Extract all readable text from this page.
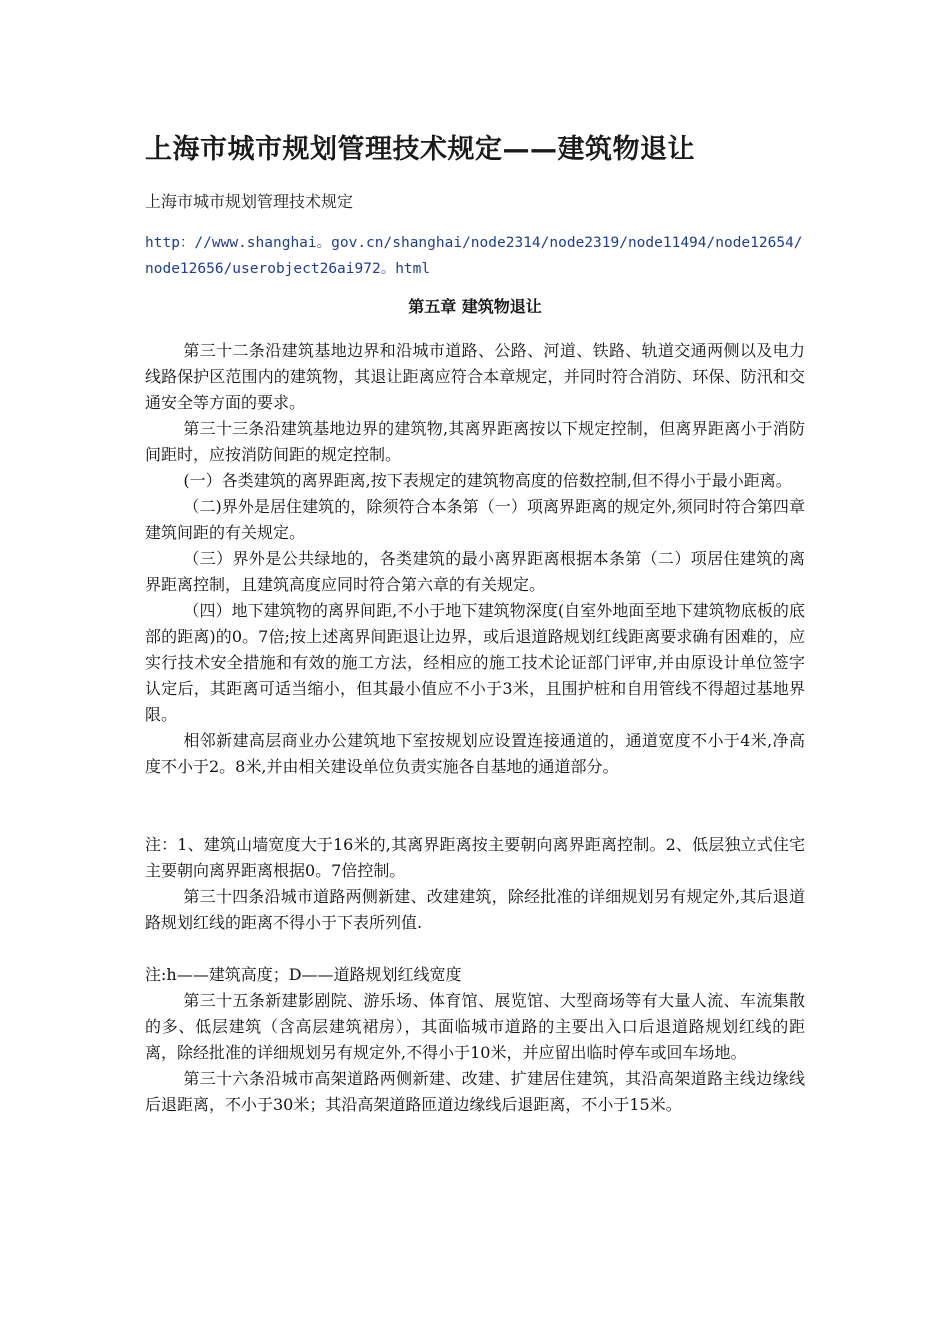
上海市城市规划管理技术规定——建筑物退让

上海市城市规划管理技术规定

http：//www.shanghai。gov.cn/shanghai/node2314/node2319/node11494/node12654/node12656/userobject26ai972。html

第五章 建筑物退让

第三十二条沿建筑基地边界和沿城市道路、公路、河道、铁路、轨道交通两侧以及电力线路保护区范围内的建筑物，其退让距离应符合本章规定，并同时符合消防、环保、防汛和交通安全等方面的要求。

第三十三条沿建筑基地边界的建筑物,其离界距离按以下规定控制，但离界距离小于消防间距时，应按消防间距的规定控制。

(一）各类建筑的离界距离,按下表规定的建筑物高度的倍数控制,但不得小于最小距离。

（二)界外是居住建筑的，除须符合本条第（一）项离界距离的规定外,须同时符合第四章建筑间距的有关规定。

（三）界外是公共绿地的，各类建筑的最小离界距离根据本条第（二）项居住建筑的离界距离控制，且建筑高度应同时符合第六章的有关规定。

（四）地下建筑物的离界间距,不小于地下建筑物深度(自室外地面至地下建筑物底板的底部的距离)的0。7倍;按上述离界间距退让边界，或后退道路规划红线距离要求确有困难的，应实行技术安全措施和有效的施工方法，经相应的施工技术论证部门评审,并由原设计单位签字认定后，其距离可适当缩小，但其最小值应不小于3米，且围护桩和自用管线不得超过基地界限。

相邻新建高层商业办公建筑地下室按规划应设置连接通道的，通道宽度不小于4米,净高度不小于2。8米,并由相关建设单位负责实施各自基地的通道部分。

注：1、建筑山墙宽度大于16米的,其离界距离按主要朝向离界距离控制。2、低层独立式住宅主要朝向离界距离根据0。7倍控制。

第三十四条沿城市道路两侧新建、改建建筑，除经批准的详细规划另有规定外,其后退道路规划红线的距离不得小于下表所列值.

注:h——建筑高度；D——道路规划红线宽度

第三十五条新建影剧院、游乐场、体育馆、展览馆、大型商场等有大量人流、车流集散的多、低层建筑（含高层建筑裙房），其面临城市道路的主要出入口后退道路规划红线的距离，除经批准的详细规划另有规定外,不得小于10米，并应留出临时停车或回车场地。

第三十六条沿城市高架道路两侧新建、改建、扩建居住建筑，其沿高架道路主线边缘线后退距离，不小于30米；其沿高架道路匝道边缘线后退距离，不小于15米。
